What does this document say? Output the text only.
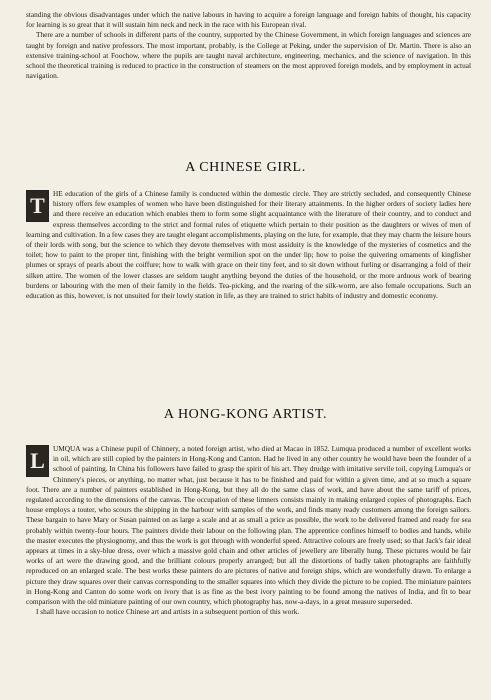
standing the obvious disadvantages under which the native labours in having to acquire a foreign language and foreign habits of thought, his capacity for learning is so great that it will sustain him neck and neck in the race with his European rival.

There are a number of schools in different parts of the country, supported by the Chinese Government, in which foreign languages and sciences are taught by foreign and native professors. The most important, probably, is the College at Peking, under the supervision of Dr. Martin. There is also an extensive training-school at Foochow, where the pupils are taught naval architecture, engineering, mechanics, and the science of navigation. In this school the theoretical training is reduced to practice in the construction of steamers on the most approved foreign models, and by employment in actual navigation.

A CHINESE GIRL.
T	HE education of the girls of a Chinese family is conducted within the domestic circle. They are strictly secluded, and consequently Chinese history offers few examples of women who have been distinguished for their literary attainments. In the higher orders of society ladies here and there receive an education which enables them to form some slight acquaintance with the literature of their country, and to conduct and express themselves according to the strict and formal rules of etiquette which pertain to their position as the daughters or wives of men of learning and cultivation. In a few cases they are taught elegant accomplishments, playing on the lute, for example, that they may charm the leisure hours of their lords with song, but the science to which they devote themselves with most assiduity is the knowledge of the mysteries of cosmetics and the toilet; how to paint to the proper tint, finishing with the bright vermilion spot on the under lip; how to poise the quivering ornaments of kingfisher plumes or sprays of pearls about the coiffure; how to walk with grace on their tiny feet, and to sit down without furling or disarranging a fold of their silken attire. The women of the lower classes are seldom taught anything beyond the duties of the household, or the more arduous work of bearing burdens or labouring with the men of their family in the fields. Tea-picking, and the rearing of the silk-worm, are also female occupations. Such an education as this, however, is not unsuited for their lowly station in life, as they are trained to strict habits of industry and domestic economy.

A HONG-KONG ARTIST.
L	UMQUA was a Chinese pupil of Chinnery, a noted foreign artist, who died at Macao in 1852. Lumqua produced a number of excellent works in oil, which are still copied by the painters in Hong-Kong and Canton. Had he lived in any other country he would have been the founder of a school of painting. In China his followers have failed to grasp the spirit of his art. They drudge with imitative servile toil, copying Lumqua's or Chinnery's pieces, or anything, no matter what, just because it has to be finished and paid for within a given time, and at so much a square foot. There are a number of painters established in Hong-Kong, but they all do the same class of work, and have about the same tariff of prices, regulated according to the dimensions of the canvas. The occupation of these limners consists mainly in making enlarged copies of photographs. Each house employs a touter, who scours the shipping in the harbour with samples of the work, and finds many ready customers among the foreign sailors. These bargain to have Mary or Susan painted on as large a scale and at as small a price as possible, the work to be delivered framed and ready for sea probably within twenty-four hours. The painters divide their labour on the following plan. The apprentice confines himself to bodies and hands, while the master executes the physiognomy, and thus the work is got through with wonderful speed. Attractive colours are freely used; so that Jack's fair ideal appears at times in a sky-blue dress, over which a massive gold chain and other articles of jewellery are liberally hung. These pictures would be fair works of art were the drawing good, and the brilliant colours properly arranged; but all the distortions of badly taken photographs are faithfully reproduced on an enlarged scale. The best works these painters do are pictures of native and foreign ships, which are wonderfully drawn. To enlarge a picture they draw squares over their canvas corresponding to the smaller squares into which they divide the picture to be copied. The miniature painters in Hong-Kong and Canton do some work on ivory that is as fine as the best ivory painting to be found among the natives of India, and fit to bear comparison with the old miniature painting of our own country, which photography has, now-a-days, in a great measure superseded.

I shall have occasion to notice Chinese art and artists in a subsequent portion of this work.
